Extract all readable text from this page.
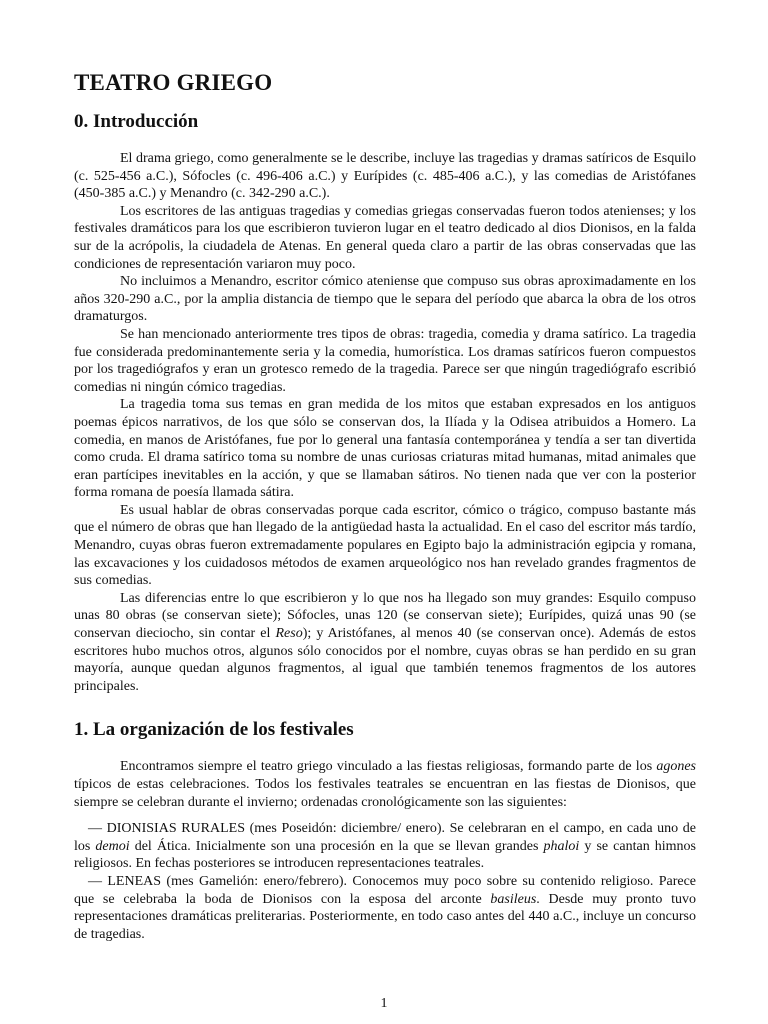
TEATRO GRIEGO
0. Introducción

El drama griego, como generalmente se le describe, incluye las tragedias y dramas satíricos de Esquilo (c. 525-456 a.C.), Sófocles (c. 496-406 a.C.) y Eurípides (c. 485-406 a.C.), y las comedias de Aristófanes (450-385 a.C.) y Menandro (c. 342-290 a.C.).

Los escritores de las antiguas tragedias y comedias griegas conservadas fueron todos atenienses; y los festivales dramáticos para los que escribieron tuvieron lugar en el teatro dedicado al dios Dionisos, en la falda sur de la acrópolis, la ciudadela de Atenas. En general queda claro a partir de las obras conservadas que las condiciones de representación variaron muy poco.

No incluimos a Menandro, escritor cómico ateniense que compuso sus obras aproximadamente en los años 320-290 a.C., por la amplia distancia de tiempo que le separa del período que abarca la obra de los otros dramaturgos.

Se han mencionado anteriormente tres tipos de obras: tragedia, comedia y drama satírico. La tragedia fue considerada predominantemente seria y la comedia, humorística. Los dramas satíricos fueron compuestos por los tragediógrafos y eran un grotesco remedo de la tragedia. Parece ser que ningún tragediógrafo escribió comedias ni ningún cómico tragedias.

La tragedia toma sus temas en gran medida de los mitos que estaban expresados en los antiguos poemas épicos narrativos, de los que sólo se conservan dos, la Ilíada y la Odisea atribuidos a Homero. La comedia, en manos de Aristófanes, fue por lo general una fantasía contemporánea y tendía a ser tan divertida como cruda. El drama satírico toma su nombre de unas curiosas criaturas mitad humanas, mitad animales que eran partícipes inevitables en la acción, y que se llamaban sátiros. No tienen nada que ver con la posterior forma romana de poesía llamada sátira.

Es usual hablar de obras conservadas porque cada escritor, cómico o trágico, compuso bastante más que el número de obras que han llegado de la antigüedad hasta la actualidad. En el caso del escritor más tardío, Menandro, cuyas obras fueron extremadamente populares en Egipto bajo la administración egipcia y romana, las excavaciones y los cuidadosos métodos de examen arqueológico nos han revelado grandes fragmentos de sus comedias.

Las diferencias entre lo que escribieron y lo que nos ha llegado son muy grandes: Esquilo compuso unas 80 obras (se conservan siete); Sófocles, unas 120 (se conservan siete); Eurípides, quizá unas 90 (se conservan dieciocho, sin contar el Reso); y Aristófanes, al menos 40 (se conservan once). Además de estos escritores hubo muchos otros, algunos sólo conocidos por el nombre, cuyas obras se han perdido en su gran mayoría, aunque quedan algunos fragmentos, al igual que también tenemos fragmentos de los autores principales.

1. La organización de los festivales

Encontramos siempre el teatro griego vinculado a las fiestas religiosas, formando parte de los agones típicos de estas celebraciones. Todos los festivales teatrales se encuentran en las fiestas de Dionisos, que siempre se celebran durante el invierno; ordenadas cronológicamente son las siguientes:

— DIONISIAS RURALES (mes Poseidón: diciembre/ enero). Se celebraran en el campo, en cada uno de los demoi del Ática. Inicialmente son una procesión en la que se llevan grandes phaloi y se cantan himnos religiosos. En fechas posteriores se introducen representaciones teatrales.

— LENEAS (mes Gamelión: enero/febrero). Conocemos muy poco sobre su contenido religioso. Parece que se celebraba la boda de Dionisos con la esposa del arconte basileus. Desde muy pronto tuvo representaciones dramáticas preliterarias. Posteriormente, en todo caso antes del 440 a.C., incluye un concurso de tragedias.

1
